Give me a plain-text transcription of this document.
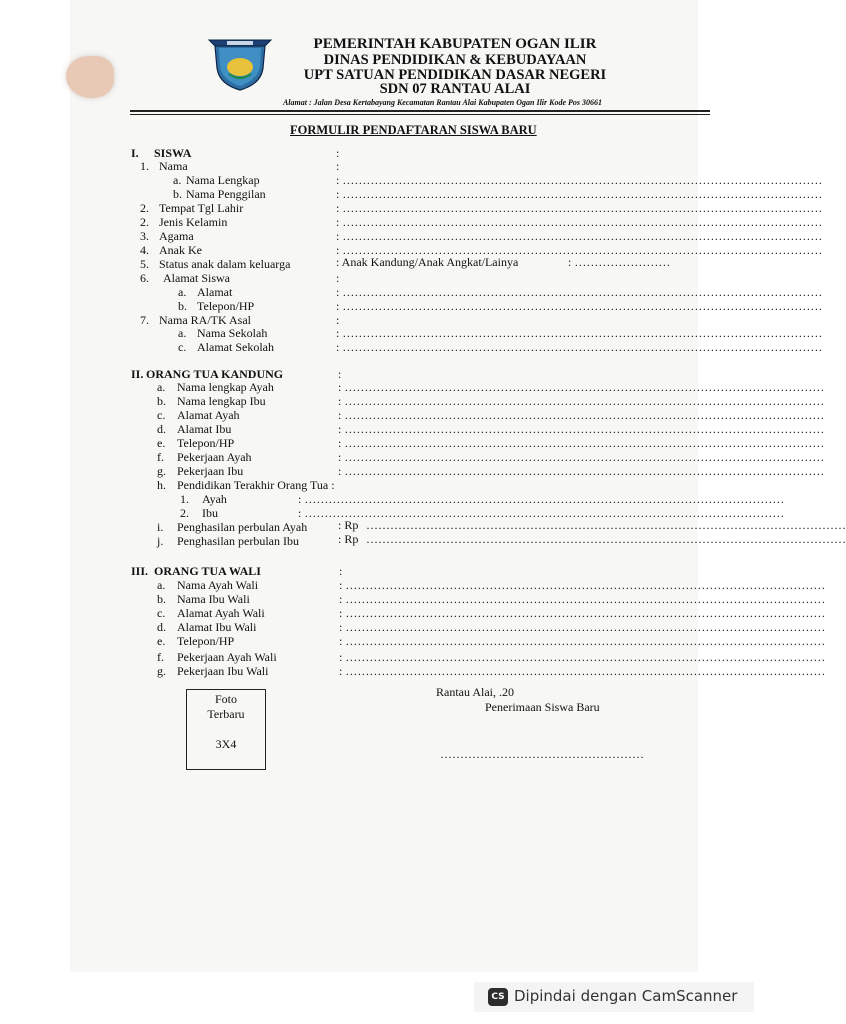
PEMERINTAH KABUPATEN OGAN ILIR
DINAS PENDIDIKAN & KEBUDAYAAN
UPT SATUAN PENDIDIKAN DASAR NEGERI
SDN 07 RANTAU ALAI
Alamat : Jalan Desa Kertabayang Kecamatan Rantau Alai Kabupaten Ogan Ilir Kode Pos 30661
FORMULIR PENDAFTARAN SISWA BARU
I. SISWA	:
1. Nama	:
a. Nama Lengkap	: …………………………………………………………………………………………………………
b. Nama Penggilan	: …………………………………………………………………………………………………………
2. Tempat Tgl Lahir	: …………………………………………………………………………………………………………
2. Jenis Kelamin	: …………………………………………………………………………………………………………
3. Agama	: …………………………………………………………………………………………………………
4. Anak Ke	: …………………………………………………………………………………………………………
5. Status anak dalam keluarga	: Anak Kandung/Anak Angkat/Lainya	: ……………………
6. Alamat Siswa	:
a. Alamat	: …………………………………………………………………………………………………………
b. Telepon/HP	: …………………………………………………………………………………………………………
7. Nama RA/TK Asal	:
a. Nama Sekolah	: …………………………………………………………………………………………………………
c. Alamat Sekolah	: …………………………………………………………………………………………………………
II. ORANG TUA KANDUNG	:
a. Nama lengkap Ayah	: …………………………………………………………………………………………………………
b. Nama lengkap Ibu	: …………………………………………………………………………………………………………
c. Alamat Ayah	: …………………………………………………………………………………………………………
d. Alamat Ibu	: …………………………………………………………………………………………………………
e. Telepon/HP	: …………………………………………………………………………………………………………
f. Pekerjaan Ayah	: …………………………………………………………………………………………………………
g. Pekerjaan Ibu	: …………………………………………………………………………………………………………
h. Pendidikan Terakhir Orang Tua :
1. Ayah	: …………………………………………………………………………………………………………
2. Ibu	: …………………………………………………………………………………………………………
i. Penghasilan perbulan Ayah	: Rp …………………………………………………………………………………………………………
j. Penghasilan perbulan Ibu	: Rp …………………………………………………………………………………………………………
III. ORANG TUA WALI	:
a. Nama Ayah Wali	: …………………………………………………………………………………………………………
b. Nama Ibu Wali	: …………………………………………………………………………………………………………
c. Alamat Ayah Wali	: …………………………………………………………………………………………………………
d. Alamat Ibu Wali	: …………………………………………………………………………………………………………
e. Telepon/HP	: …………………………………………………………………………………………………………
f. Pekerjaan Ayah Wali	: …………………………………………………………………………………………………………
g. Pekerjaan Ibu Wali	: …………………………………………………………………………………………………………
Foto
Terbaru
3X4
Rantau Alai, .20
Penerimaan Siswa Baru
……………………………………………
CS Dipindai dengan CamScanner
